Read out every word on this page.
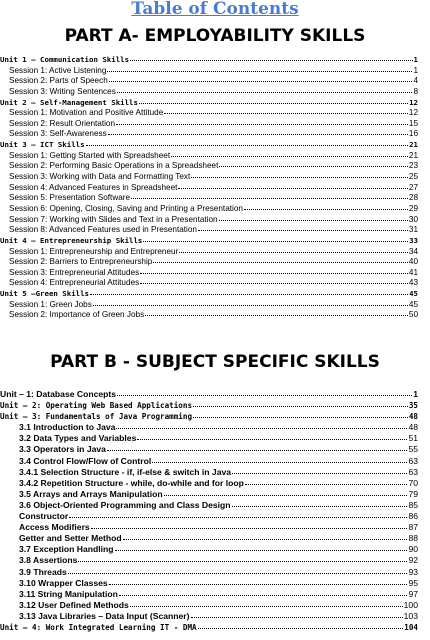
Table of Contents
PART A- EMPLOYABILITY SKILLS
Unit 1 – Communication Skills	1
Session 1: Active Listening	1
Session 2: Parts of Speech	4
Session 3: Writing Sentences	8
Unit 2 – Self-Management Skills	12
Session 1: Motivation and Positive Attitude	12
Session 2: Result Orientation	15
Session 3: Self-Awareness	16
Unit 3 – ICT Skills	21
Session 1: Getting Started with Spreadsheet	21
Session 2: Performing Basic Operations in a Spreadsheet	23
Session 3: Working with Data and Formatting Text	25
Session 4: Advanced Features in Spreadsheet	27
Session 5: Presentation Software	28
Session 6: Opening, Closing, Saving and Printing a Presentation	29
Session 7: Working with Slides and Text in a Presentation	30
Session 8: Advanced Features used in Presentation	31
Unit 4 – Entrepreneurship Skills	33
Session 1: Entrepreneurship and Entrepreneur	34
Session 2: Barriers to Entrepreneurship	40
Session 3: Entrepreneurial Attitudes	41
Session 4: Entrepreneurial Attitudes	43
Unit 5 –Green Skills	45
Session 1: Green Jobs	45
Session 2: Importance of Green Jobs	50
PART B - SUBJECT SPECIFIC SKILLS
Unit – 1: Database Concepts	1
Unit – 2: Operating Web Based Applications	35
Unit – 3: Fundamentals of Java Programming	48
3.1 Introduction to Java	48
3.2 Data Types and Variables	51
3.3 Operators in Java	55
3.4 Control Flow/Flow of Control	63
3.4.1 Selection Structure - if, if-else & switch in Java	63
3.4.2 Repetition Structure - while, do-while and for loop	70
3.5 Arrays and Arrays Manipulation	79
3.6 Object-Oriented Programming and Class Design	85
Constructor	86
Access Modifiers	87
Getter and Setter Method	88
3.7 Exception Handling	90
3.8 Assertions	92
3.9 Threads	93
3.10 Wrapper Classes	95
3.11 String Manipulation	97
3.12 User Defined Methods	100
3.13 Java Libraries – Data Input (Scanner)	103
Unit – 4: Work Integrated Learning IT - DMA	104
